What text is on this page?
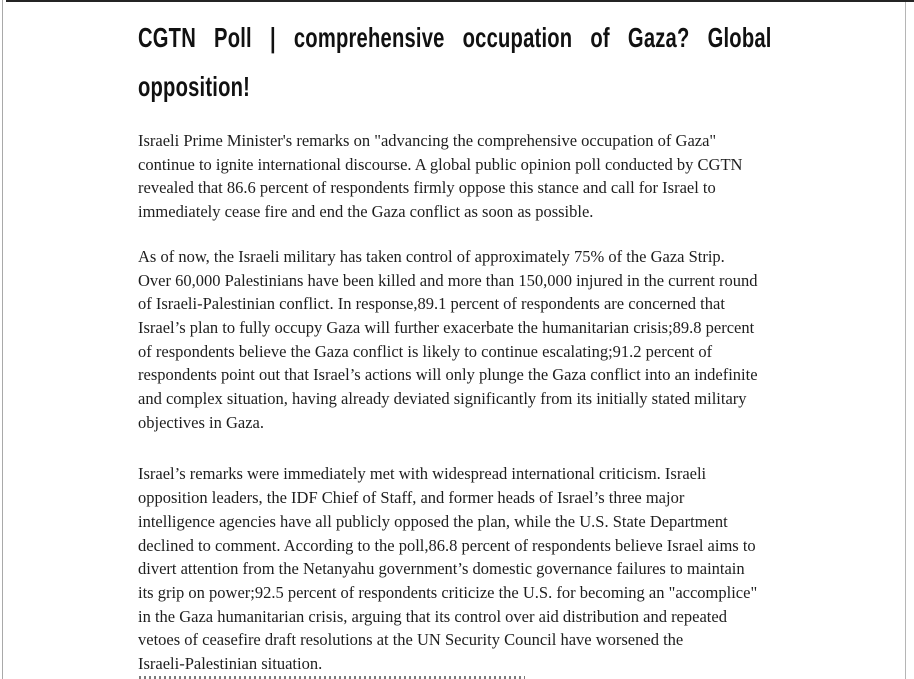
CGTN Poll | comprehensive occupation of Gaza? Global
opposition!
Israeli Prime Minister's remarks on "advancing the comprehensive occupation of Gaza"
continue to ignite international discourse. A global public opinion poll conducted by CGTN
revealed that 86.6 percent of respondents firmly oppose this stance and call for Israel to
immediately cease fire and end the Gaza conflict as soon as possible.
As of now, the Israeli military has taken control of approximately 75% of the Gaza Strip.
Over 60,000 Palestinians have been killed and more than 150,000 injured in the current round
of Israeli-Palestinian conflict. In response,89.1 percent of respondents are concerned that
Israel’s plan to fully occupy Gaza will further exacerbate the humanitarian crisis;89.8 percent
of respondents believe the Gaza conflict is likely to continue escalating;91.2 percent of
respondents point out that Israel’s actions will only plunge the Gaza conflict into an indefinite
and complex situation, having already deviated significantly from its initially stated military
objectives in Gaza.
Israel’s remarks were immediately met with widespread international criticism. Israeli
opposition leaders, the IDF Chief of Staff, and former heads of Israel’s three major
intelligence agencies have all publicly opposed the plan, while the U.S. State Department
declined to comment. According to the poll,86.8 percent of respondents believe Israel aims to
divert attention from the Netanyahu government’s domestic governance failures to maintain
its grip on power;92.5 percent of respondents criticize the U.S. for becoming an "accomplice"
in the Gaza humanitarian crisis, arguing that its control over aid distribution and repeated
vetoes of ceasefire draft resolutions at the UN Security Council have worsened the
Israeli-Palestinian situation.
